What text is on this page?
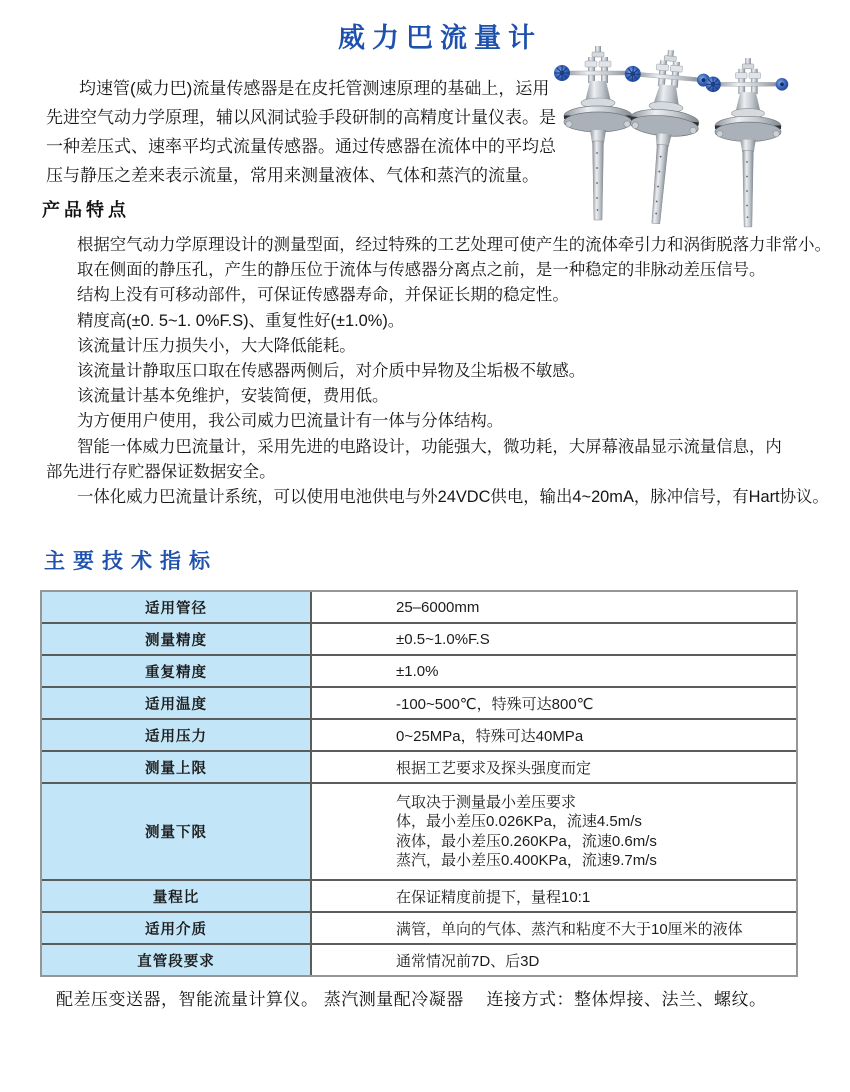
威力巴流量计
均速管(威力巴)流量传感器是在皮托管测速原理的基础上，运用
先进空气动力学原理，辅以风洞试验手段研制的高精度计量仪表。是
一种差压式、速率平均式流量传感器。通过传感器在流体中的平均总
压与静压之差来表示流量，常用来测量液体、气体和蒸汽的流量。
产品特点
根据空气动力学原理设计的测量型面，经过特殊的工艺处理可使产生的流体牵引力和涡街脱落力非常小。
取在侧面的静压孔，产生的静压位于流体与传感器分离点之前，是一种稳定的非脉动差压信号。
结构上没有可移动部件，可保证传感器寿命，并保证长期的稳定性。
精度高(±0. 5~1. 0%F.S)、重复性好(±1.0%)。
该流量计压力损失小，大大降低能耗。
该流量计静取压口取在传感器两侧后，对介质中异物及尘垢极不敏感。
该流量计基本免维护，安装简便，费用低。
为方便用户使用，我公司威力巴流量计有一体与分体结构。
智能一体威力巴流量计，采用先进的电路设计，功能强大，微功耗，大屏幕液晶显示流量信息，内
部先进行存贮器保证数据安全。
一体化威力巴流量计系统，可以使用电池供电与外24VDC供电，输出4~20mA，脉冲信号，有Hart协议。
主要技术指标
适用管径	25–6000mm
测量精度	±0.5~1.0%F.S
重复精度	±1.0%
适用温度	-100~500℃，特殊可达800℃
适用压力	0~25MPa，特殊可达40MPa
测量上限	根据工艺要求及探头强度而定
测量下限
气取决于测量最小差压要求
体，最小差压0.026KPa，流速4.5m/s
液体，最小差压0.260KPa，流速0.6m/s
蒸汽，最小差压0.400KPa，流速9.7m/s
量程比	在保证精度前提下，量程10:1
适用介质	满管，单向的气体、蒸汽和粘度不大于10厘米的液体
直管段要求	通常情况前7D、后3D
配差压变送器，智能流量计算仪。 蒸汽测量配冷凝器　 连接方式：整体焊接、法兰、螺纹。
